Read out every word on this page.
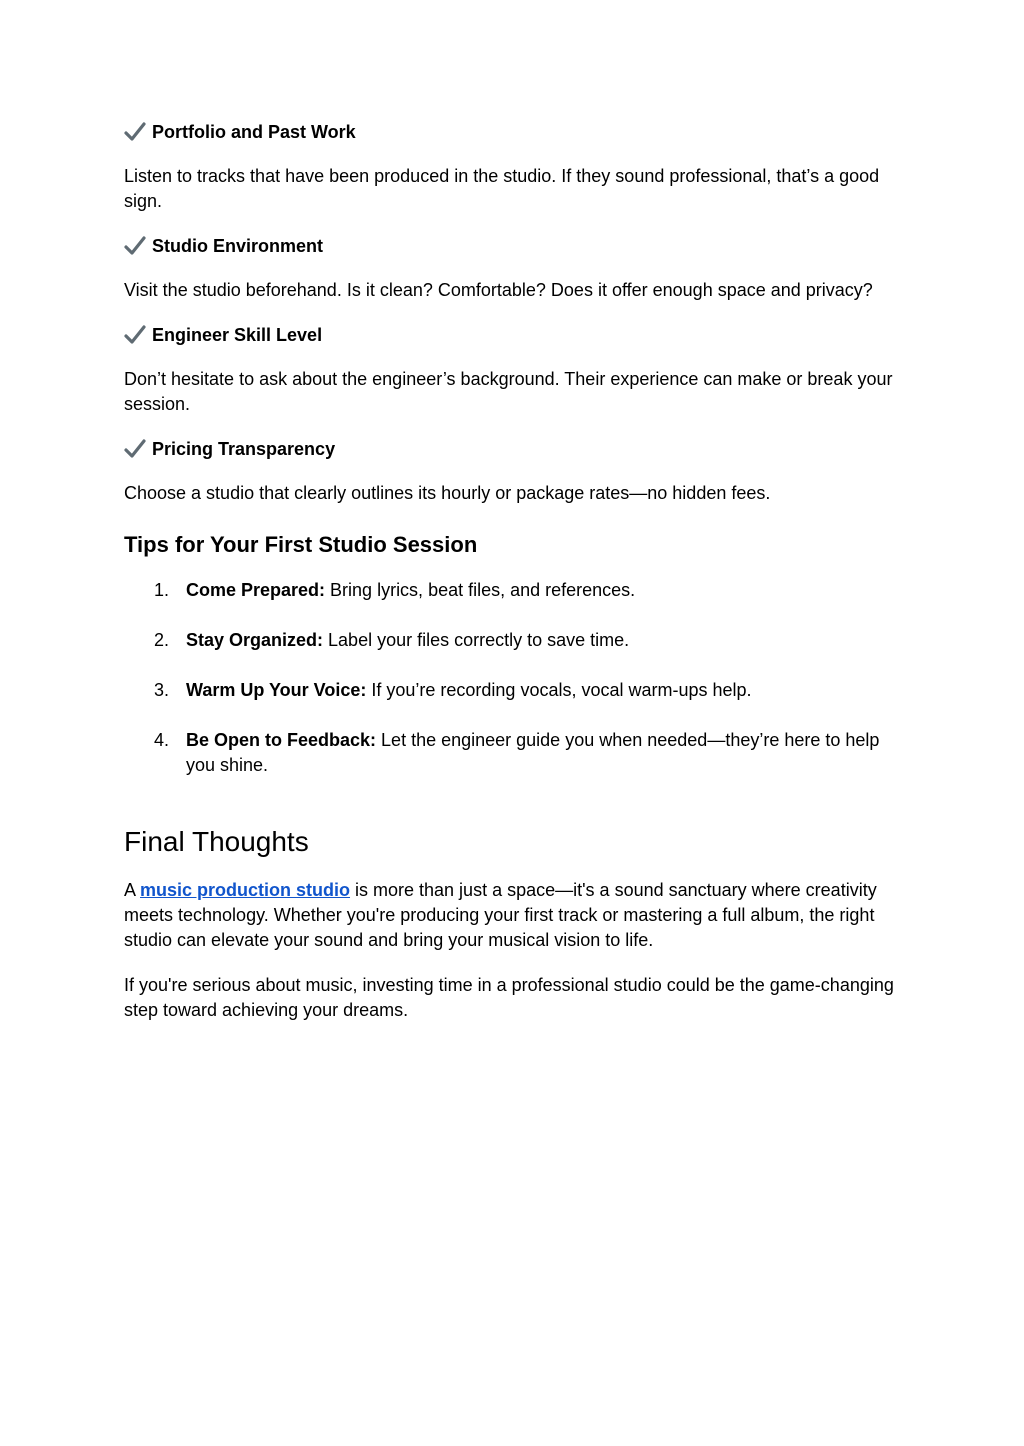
Portfolio and Past Work

Listen to tracks that have been produced in the studio. If they sound professional, that’s a good sign.

Studio Environment

Visit the studio beforehand. Is it clean? Comfortable? Does it offer enough space and privacy?

Engineer Skill Level

Don’t hesitate to ask about the engineer’s background. Their experience can make or break your session.

Pricing Transparency

Choose a studio that clearly outlines its hourly or package rates—no hidden fees.

Tips for Your First Studio Session
1. Come Prepared: Bring lyrics, beat files, and references.
2. Stay Organized: Label your files correctly to save time.
3. Warm Up Your Voice: If you’re recording vocals, vocal warm-ups help.
4. Be Open to Feedback: Let the engineer guide you when needed—they’re here to help you shine.
Final Thoughts

A music production studio is more than just a space—it's a sound sanctuary where creativity meets technology. Whether you're producing your first track or mastering a full album, the right studio can elevate your sound and bring your musical vision to life.

If you're serious about music, investing time in a professional studio could be the game-changing step toward achieving your dreams.
